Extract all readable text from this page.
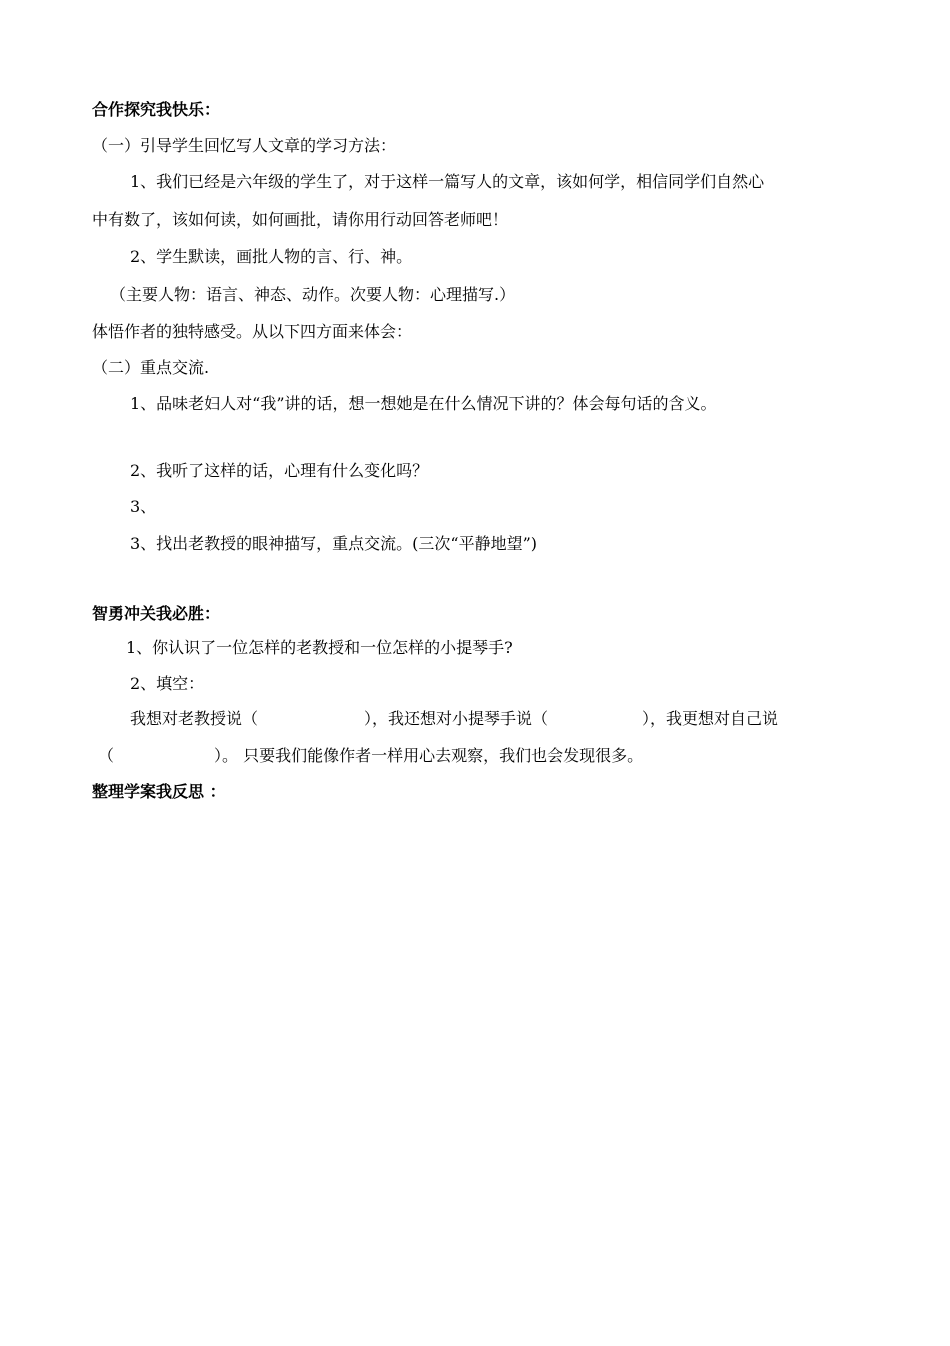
合作探究我快乐：
（一）引导学生回忆写人文章的学习方法：
1、我们已经是六年级的学生了，对于这样一篇写人的文章，该如何学，相信同学们自然心
中有数了，该如何读，如何画批，请你用行动回答老师吧！
2、学生默读，画批人物的言、行、神。
（主要人物：语言、神态、动作。次要人物：心理描写.）
体悟作者的独特感受。从以下四方面来体会：
（二）重点交流.
1、品味老妇人对“我”讲的话，想一想她是在什么情况下讲的？体会每句话的含义。
2、我听了这样的话，心理有什么变化吗？
3、
3、找出老教授的眼神描写，重点交流。(三次“平静地望”)
智勇冲关我必胜：
1、你认识了一位怎样的老教授和一位怎样的小提琴手?
2、填空：
我想对老教授说（	），我还想对小提琴手说（	），我更想对自己说
（	）。 只要我们能像作者一样用心去观察，我们也会发现很多。
整理学案我反思 ：
